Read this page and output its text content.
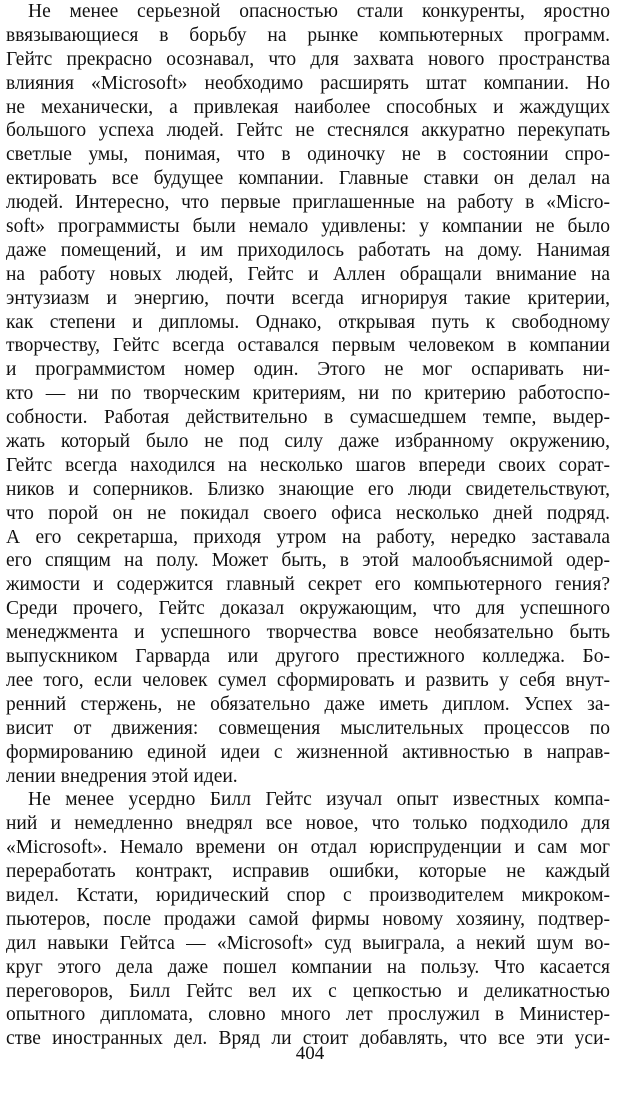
Не менее серьезной опасностью стали конкуренты, яростно
ввязывающиеся в борьбу на рынке компьютерных программ.
Гейтс прекрасно осознавал, что для захвата нового пространства
влияния «Microsoft» необходимо расширять штат компании. Но
не механически, а привлекая наиболее способных и жаждущих
большого успеха людей. Гейтс не стеснялся аккуратно перекупать
светлые умы, понимая, что в одиночку не в состоянии спро-
ектировать все будущее компании. Главные ставки он делал на
людей. Интересно, что первые приглашенные на работу в «Micro-
soft» программисты были немало удивлены: у компании не было
даже помещений, и им приходилось работать на дому. Нанимая
на работу новых людей, Гейтс и Аллен обращали внимание на
энтузиазм и энергию, почти всегда игнорируя такие критерии,
как степени и дипломы. Однако, открывая путь к свободному
творчеству, Гейтс всегда оставался первым человеком в компании
и программистом номер один. Этого не мог оспаривать ни-
кто — ни по творческим критериям, ни по критерию работоспо-
собности. Работая действительно в сумасшедшем темпе, выдер-
жать который было не под силу даже избранному окружению,
Гейтс всегда находился на несколько шагов впереди своих сорат-
ников и соперников. Близко знающие его люди свидетельствуют,
что порой он не покидал своего офиса несколько дней подряд.
А его секретарша, приходя утром на работу, нередко заставала
его спящим на полу. Может быть, в этой малообъяснимой одер-
жимости и содержится главный секрет его компьютерного гения?
Среди прочего, Гейтс доказал окружающим, что для успешного
менеджмента и успешного творчества вовсе необязательно быть
выпускником Гарварда или другого престижного колледжа. Бо-
лее того, если человек сумел сформировать и развить у себя внут-
ренний стержень, не обязательно даже иметь диплом. Успех за-
висит от движения: совмещения мыслительных процессов по
формированию единой идеи с жизненной активностью в направ-
лении внедрения этой идеи.
Не менее усердно Билл Гейтс изучал опыт известных компа-
ний и немедленно внедрял все новое, что только подходило для
«Microsoft». Немало времени он отдал юриспруденции и сам мог
переработать контракт, исправив ошибки, которые не каждый
видел. Кстати, юридический спор с производителем микроком-
пьютеров, после продажи самой фирмы новому хозяину, подтвер-
дил навыки Гейтса — «Microsoft» суд выиграла, а некий шум во-
круг этого дела даже пошел компании на пользу. Что касается
переговоров, Билл Гейтс вел их с цепкостью и деликатностью
опытного дипломата, словно много лет прослужил в Министер-
стве иностранных дел. Вряд ли стоит добавлять, что все эти уси-
404
